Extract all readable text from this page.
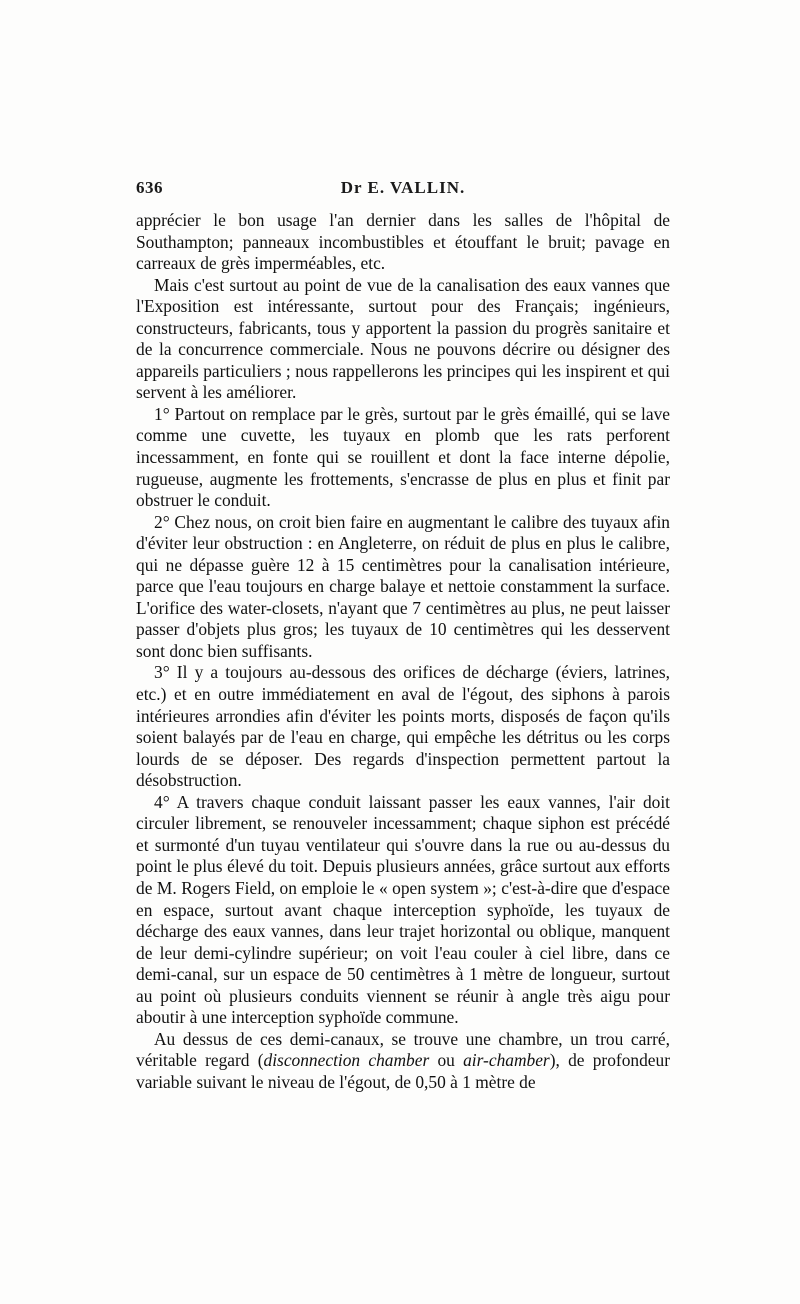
636	Dr E. VALLIN.

apprécier le bon usage l'an dernier dans les salles de l'hôpital de Southampton; panneaux incombustibles et étouffant le bruit; pavage en carreaux de grès imperméables, etc.

Mais c'est surtout au point de vue de la canalisation des eaux vannes que l'Exposition est intéressante, surtout pour des Français; ingénieurs, constructeurs, fabricants, tous y apportent la passion du progrès sanitaire et de la concurrence commerciale. Nous ne pouvons décrire ou désigner des appareils particuliers ; nous rappellerons les principes qui les inspirent et qui servent à les améliorer.

1° Partout on remplace par le grès, surtout par le grès émaillé, qui se lave comme une cuvette, les tuyaux en plomb que les rats perforent incessamment, en fonte qui se rouillent et dont la face interne dépolie, rugueuse, augmente les frottements, s'encrasse de plus en plus et finit par obstruer le conduit.

2° Chez nous, on croit bien faire en augmentant le calibre des tuyaux afin d'éviter leur obstruction : en Angleterre, on réduit de plus en plus le calibre, qui ne dépasse guère 12 à 15 centimètres pour la canalisation intérieure, parce que l'eau toujours en charge balaye et nettoie constamment la surface. L'orifice des water-closets, n'ayant que 7 centimètres au plus, ne peut laisser passer d'objets plus gros; les tuyaux de 10 centimètres qui les desservent sont donc bien suffisants.

3° Il y a toujours au-dessous des orifices de décharge (éviers, latrines, etc.) et en outre immédiatement en aval de l'égout, des siphons à parois intérieures arrondies afin d'éviter les points morts, disposés de façon qu'ils soient balayés par de l'eau en charge, qui empêche les détritus ou les corps lourds de se déposer. Des regards d'inspection permettent partout la désobstruction.

4° A travers chaque conduit laissant passer les eaux vannes, l'air doit circuler librement, se renouveler incessamment; chaque siphon est précédé et surmonté d'un tuyau ventilateur qui s'ouvre dans la rue ou au-dessus du point le plus élevé du toit. Depuis plusieurs années, grâce surtout aux efforts de M. Rogers Field, on emploie le « open system »; c'est-à-dire que d'espace en espace, surtout avant chaque interception syphoïde, les tuyaux de décharge des eaux vannes, dans leur trajet horizontal ou oblique, manquent de leur demi-cylindre supérieur; on voit l'eau couler à ciel libre, dans ce demi-canal, sur un espace de 50 centimètres à 1 mètre de longueur, surtout au point où plusieurs conduits viennent se réunir à angle très aigu pour aboutir à une interception syphoïde commune.

Au dessus de ces demi-canaux, se trouve une chambre, un trou carré, véritable regard (disconnection chamber ou air-chamber), de profondeur variable suivant le niveau de l'égout, de 0,50 à 1 mètre de
